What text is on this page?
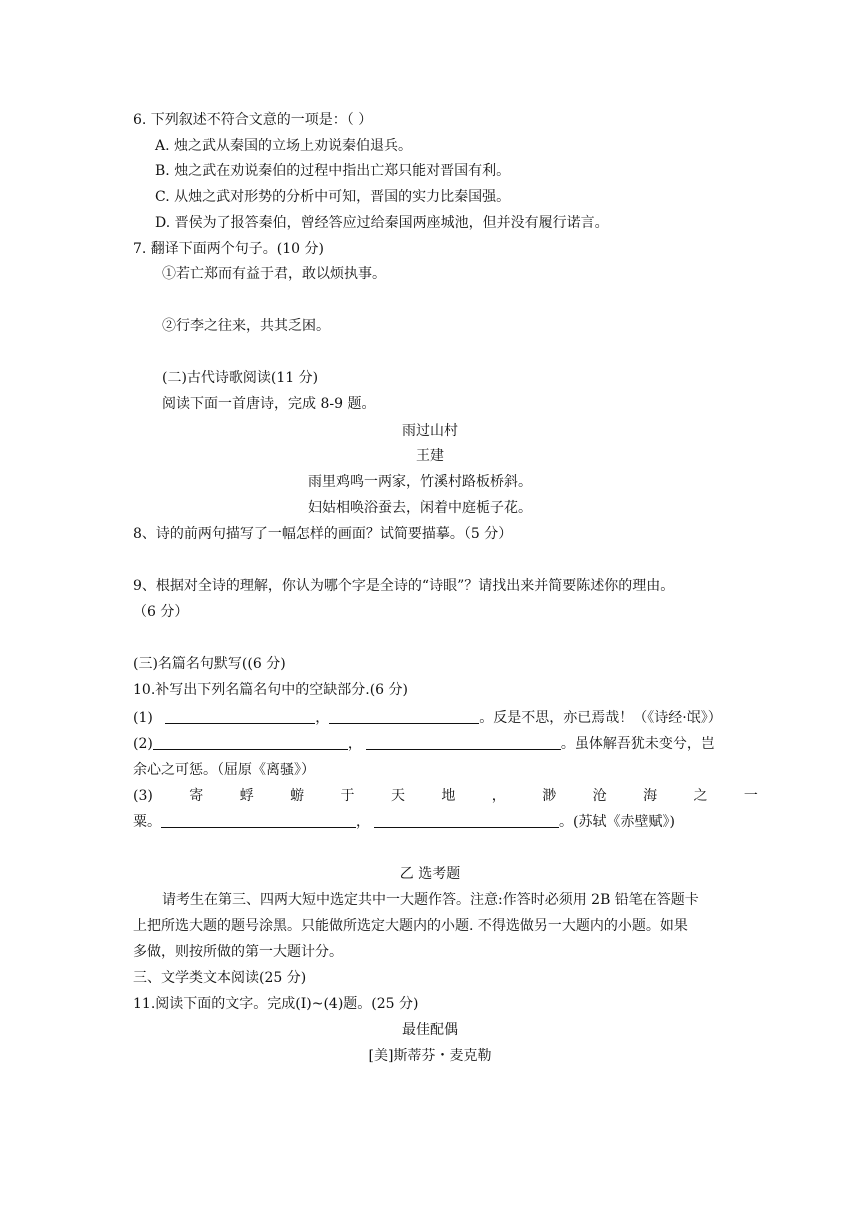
6. 下列叙述不符合文意的一项是：（ ）
A. 烛之武从秦国的立场上劝说秦伯退兵。
B. 烛之武在劝说秦伯的过程中指出亡郑只能对晋国有利。
C. 从烛之武对形势的分析中可知，晋国的实力比秦国强。
D. 晋侯为了报答秦伯，曾经答应过给秦国两座城池，但并没有履行诺言。
7. 翻译下面两个句子。(10 分)
①若亡郑而有益于君，敢以烦执事。
②行李之往来，共其乏困。
(二)古代诗歌阅读(11 分)
阅读下面一首唐诗，完成 8-9 题。
雨过山村
王建
雨里鸡鸣一两家，竹溪村路板桥斜。
妇姑相唤浴蚕去，闲着中庭栀子花。
8、诗的前两句描写了一幅怎样的画面？试简要描摹。（5 分）
9、根据对全诗的理解，你认为哪个字是全诗的“诗眼”？请找出来并简要陈述你的理由。
（6 分）
(三)名篇名句默写((6 分)
10.补写出下列名篇名句中的空缺部分.(6 分)
(1)	，	。反是不思，亦已焉哉！（《诗经·氓》）
(2)	，	。虽体解吾犹未变兮，岂
余心之可惩。（屈原《离骚》）
(3)	寄	蜉	蝣	于	天	地	，	渺	沧	海	之	一
粟。	，	。(苏轼《赤壁赋》)
乙 选考题
请考生在第三、四两大短中选定共中一大题作答。注意:作答时必须用 2B 铅笔在答题卡
上把所选大题的题号涂黑。只能做所选定大题内的小题. 不得选做另一大题内的小题。如果
多做，则按所做的第一大题计分。
三、文学类文本阅读(25 分)
11.阅读下面的文字。完成(I)~(4)题。(25 分)
最佳配偶
[美]斯蒂芬・麦克勒
